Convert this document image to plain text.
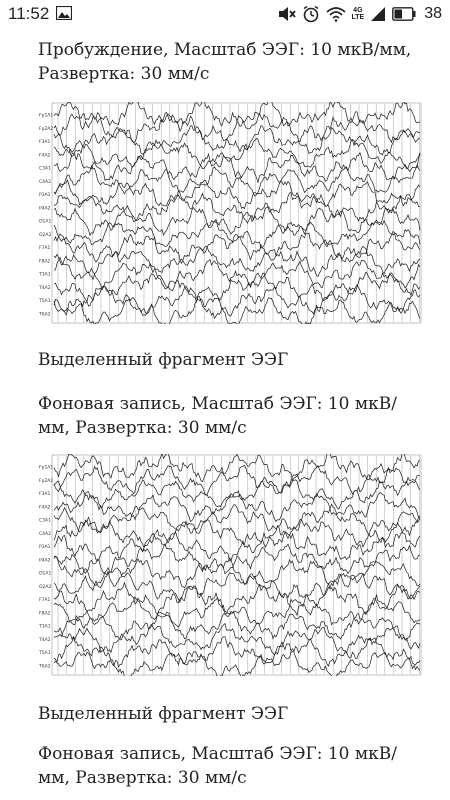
11:52	4G
LTE	38
Пробуждение, Масштаб ЭЭГ: 10 мкВ/мм, Развертка: 30 мм/с
Fp1A1
Fp2A2
F3A1
F4A2
C3A1
C4A2
P3A1
P4A2
O1A1
O2A2
F7A1
F8A2
T3A1
T4A2
T5A1
T6A2
Выделенный фрагмент ЭЭГ
Фоновая запись, Масштаб ЭЭГ: 10 мкВ/мм, Развертка: 30 мм/с
Fp1A1
Fp2A2
F3A1
F4A2
C3A1
C4A2
P3A1
P4A2
O1A1
O2A2
F7A1
F8A2
T3A1
T4A2
T5A1
T6A2
Выделенный фрагмент ЭЭГ
Фоновая запись, Масштаб ЭЭГ: 10 мкВ/мм, Развертка: 30 мм/с
